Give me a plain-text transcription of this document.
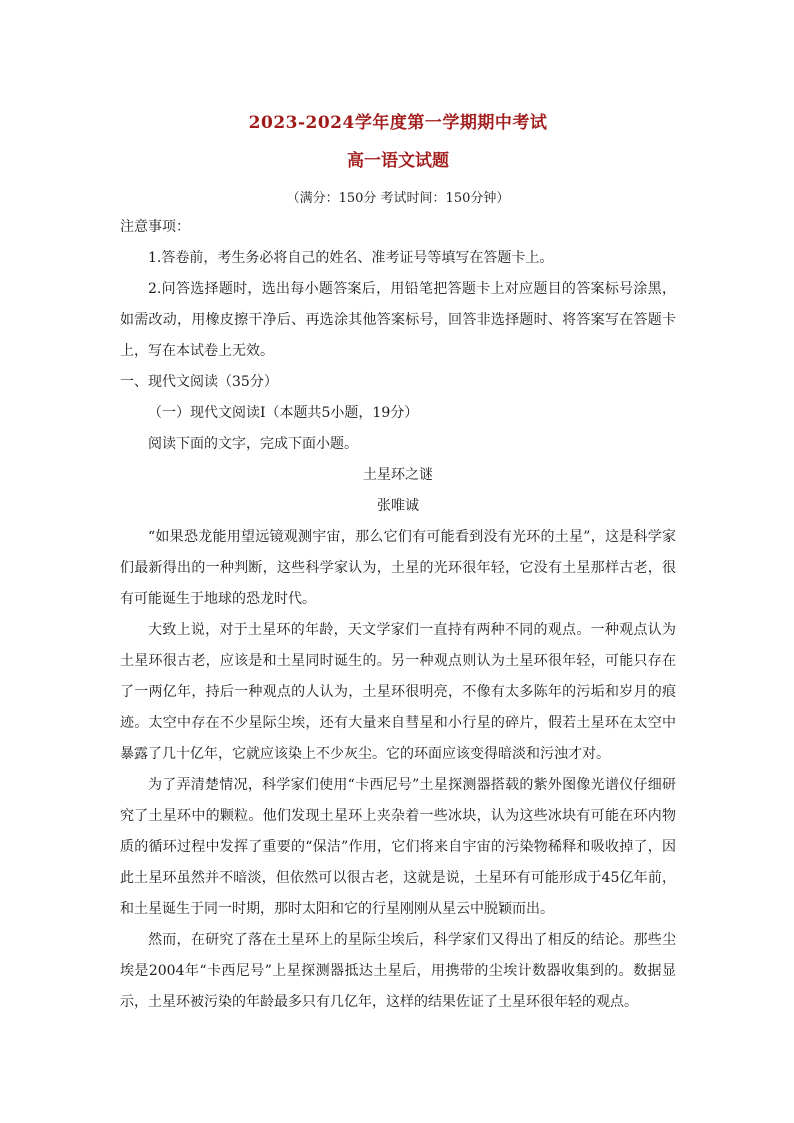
2023-2024学年度第一学期期中考试
高一语文试题
（满分：150分 考试时间：150分钟）

注意事项：

1.答卷前，考生务必将自己的姓名、准考证号等填写在答题卡上。

2.问答选择题时，选出每小题答案后，用铅笔把答题卡上对应题目的答案标号涂黑，如需改动，用橡皮擦干净后、再选涂其他答案标号，回答非选择题时、将答案写在答题卡上，写在本试卷上无效。

一、现代文阅读（35分）

（一）现代文阅读Ⅰ（本题共5小题，19分）

阅读下面的文字，完成下面小题。

土星环之谜

张唯诚

“如果恐龙能用望远镜观测宇宙，那么它们有可能看到没有光环的土星”，这是科学家们最新得出的一种判断，这些科学家认为，土星的光环很年轻，它没有土星那样古老，很有可能诞生于地球的恐龙时代。

大致上说，对于土星环的年龄，天文学家们一直持有两种不同的观点。一种观点认为土星环很古老，应该是和土星同时诞生的。另一种观点则认为土星环很年轻，可能只存在了一两亿年，持后一种观点的人认为，土星环很明亮，不像有太多陈年的污垢和岁月的痕迹。太空中存在不少星际尘埃，还有大量来自彗星和小行星的碎片，假若土星环在太空中暴露了几十亿年，它就应该染上不少灰尘。它的环面应该变得暗淡和污浊才对。

为了弄清楚情况，科学家们使用“卡西尼号”土星探测器搭载的紫外图像光谱仪仔细研究了土星环中的颗粒。他们发现土星环上夹杂着一些冰块，认为这些冰块有可能在环内物质的循环过程中发挥了重要的“保洁”作用，它们将来自宇宙的污染物稀释和吸收掉了，因此土星环虽然并不暗淡，但依然可以很古老，这就是说，土星环有可能形成于45亿年前，和土星诞生于同一时期，那时太阳和它的行星刚刚从星云中脱颖而出。

然而，在研究了落在土星环上的星际尘埃后，科学家们又得出了相反的结论。那些尘埃是2004年“卡西尼号”上星探测器抵达土星后，用携带的尘埃计数器收集到的。数据显示，土星环被污染的年龄最多只有几亿年，这样的结果佐证了土星环很年轻的观点。
